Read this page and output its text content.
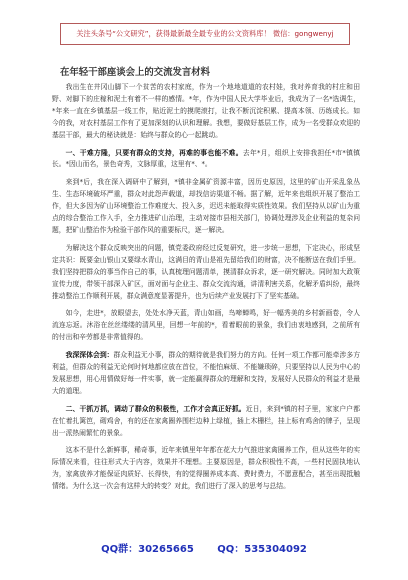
关注头条号“公文研究”，获得最新最全最专业的公文资料库！ 微信：gongwenyj
在年轻干部座谈会上的交流发言材料

我出生在井冈山脚下一个贫苦的农村家庭，作为一个地地道道的农村娃，我对养育我的村庄和田野、对脚下的庄稼和泥土有着不一样的感情。*年，作为中国人民大学毕业后，我成为了一名*选调生，*年来一直在乡镇基层一线工作，贴近泥土的摸爬滚打，让我不断沉淀积累、提高本领、历练成长。如今的我，对农村基层工作有了更加深刻的认识和理解。我想，要做好基层工作，成为一名受群众欢迎的基层干部，最大的秘诀就是：始终与群众的心一起跳动。

一、干难方隆，只要有群众的支持，再难的事也能不难。去年*月，组织上安排我担任*市*镇镇长。*因山而名，景色奇秀，文脉厚重，这里有*、*。

来到*后，我在深入调研中了解到，*镇非金属矿资源丰富，因历史原因，这里的矿山开采乱象丛生、生态环境破坏严重，群众对此怨声载道，却找信访渠道不畅。据了解，近年来也组织开展了整治工作，但大多因为矿山环境整治工作难度大、投入多，迟迟未能取得实质性效果。我们坚持从以矿山为重点的综合整治工作入手，全力推进矿山治理，主动对接市县相关部门，协调处理涉及企业利益的复杂问题，把矿山整治作为检验干部作风的重要标尺，逐一解决。

为解决这个群众反映突出的问题，镇党委政府经过反复研究，进一步统一思想，下定决心，形成坚定共识：既要金山银山又要绿水青山，这满目的青山是祖先留给我们的财富，决不能断送在我们手里。我们坚持把群众的事当作自己的事，认真梳理问题清单，摸清群众诉求，逐一研究解决。同时加大政策宣传力度，带领干部深入矿区，面对面与企业主、群众交流沟通，讲清利害关系，化解矛盾纠纷，最终推动整治工作顺利开展，群众满意度显著提升，也为后续产业发展打下了坚实基础。

如今，走进*，放眼望去，处处水净天蓝，青山如画，鸟啼蝉鸣，好一幅秀美的乡村新画卷，令人流连忘返。沐浴在丝丝缕缕的清风里，回想一年前的*，看着眼前的景象，我们由衷地感到，之前所有的付出和辛劳都是非常值得的。

我深深体会到：群众利益无小事，群众的期待就是我们努力的方向。任何一项工作都可能牵涉多方利益，但群众的利益无论何时何地都应放在首位，不能怕麻烦、不能嫌琐碎，只要坚持以人民为中心的发展思想，用心用情做好每一件实事，就一定能赢得群众的理解和支持，发展好人民群众的利益才是最大的道理。

二、干抓万抓，调动了群众的积极性，工作才会真正好抓。近日，来到*镇的村子里，家家户户都在忙着扎篱笆，砌鸡舍，有的还在家禽圈养围栏边种上绿植，插上木栅栏，挂上标有鸡舍的牌子，呈现出一派热闹繁忙的景象。

这本不是什么新鲜事，稀奇事，近年来镇里年年都在花大力气推进家禽圈养工作，但从这些年的实际情况来看，往往形式大于内容，效果并不理想。主要原因是，群众积极性不高，一些村民固执地认为，家禽放养才能保证肉质好、长得快，有的觉得圈养成本高、费时费力，不愿意配合，甚至出现抵触情绪。为什么这一次会有这样大的转变？对此，我们进行了深入的思考与总结。

QQ群：30265665 QQ：535304092
